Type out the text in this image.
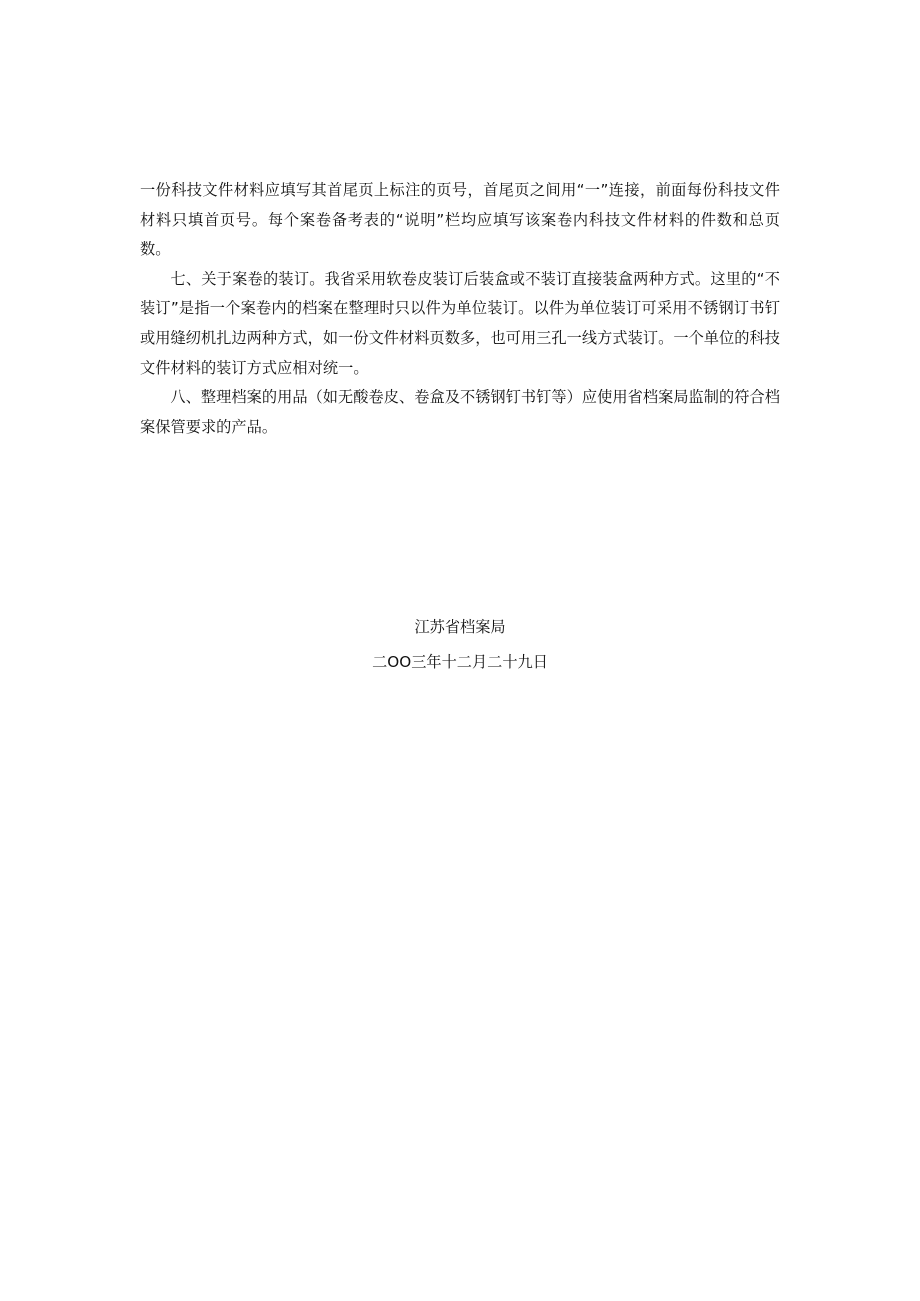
一份科技文件材料应填写其首尾页上标注的页号，首尾页之间用“一”连接，前面每份科技文件材料只填首页号。每个案卷备考表的“说明”栏均应填写该案卷内科技文件材料的件数和总页数。

七、关于案卷的装订。我省采用软卷皮装订后装盒或不装订直接装盒两种方式。这里的“不装订”是指一个案卷内的档案在整理时只以件为单位装订。以件为单位装订可采用不锈钢订书钉或用缝纫机扎边两种方式，如一份文件材料页数多，也可用三孔一线方式装订。一个单位的科技文件材料的装订方式应相对统一。

八、整理档案的用品（如无酸卷皮、卷盒及不锈钢钉书钉等）应使用省档案局监制的符合档案保管要求的产品。

江苏省档案局
二OO三年十二月二十九日
